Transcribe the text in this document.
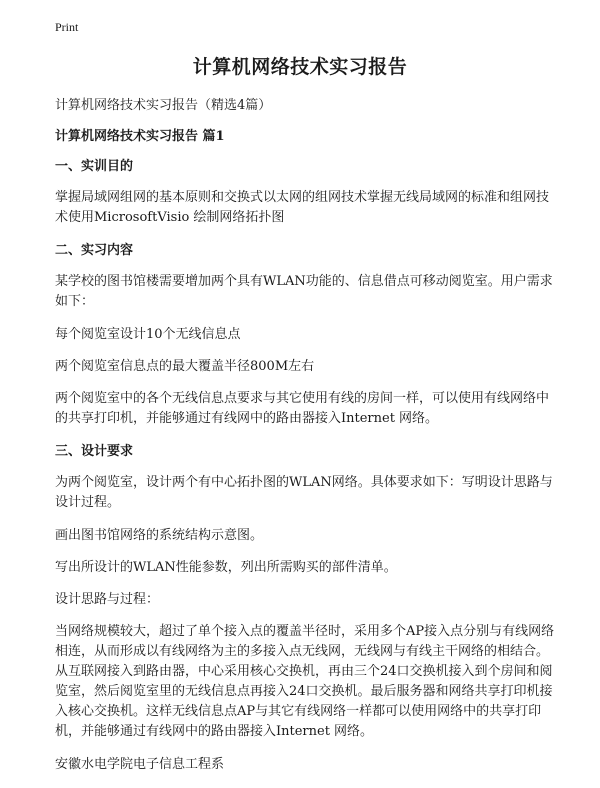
Print
计算机网络技术实习报告

计算机网络技术实习报告（精选4篇）

计算机网络技术实习报告 篇1

一、实训目的

掌握局域网组网的基本原则和交换式以太网的组网技术掌握无线局域网的标准和组网技术使用MicrosoftVisio 绘制网络拓扑图

二、实习内容

某学校的图书馆楼需要增加两个具有WLAN功能的、信息借点可移动阅览室。用户需求如下：

每个阅览室设计10个无线信息点

两个阅览室信息点的最大覆盖半径800M左右

两个阅览室中的各个无线信息点要求与其它使用有线的房间一样，可以使用有线网络中的共享打印机，并能够通过有线网中的路由器接入Internet 网络。

三、设计要求

为两个阅览室，设计两个有中心拓扑图的WLAN网络。具体要求如下：写明设计思路与设计过程。

画出图书馆网络的系统结构示意图。

写出所设计的WLAN性能参数，列出所需购买的部件清单。

设计思路与过程：

当网络规模较大，超过了单个接入点的覆盖半径时，采用多个AP接入点分别与有线网络相连，从而形成以有线网络为主的多接入点无线网，无线网与有线主干网络的相结合。从互联网接入到路由器，中心采用核心交换机，再由三个24口交换机接入到个房间和阅览室，然后阅览室里的无线信息点再接入24口交换机。最后服务器和网络共享打印机接入核心交换机。这样无线信息点AP与其它有线网络一样都可以使用网络中的共享打印机，并能够通过有线网中的路由器接入Internet 网络。

安徽水电学院电子信息工程系
